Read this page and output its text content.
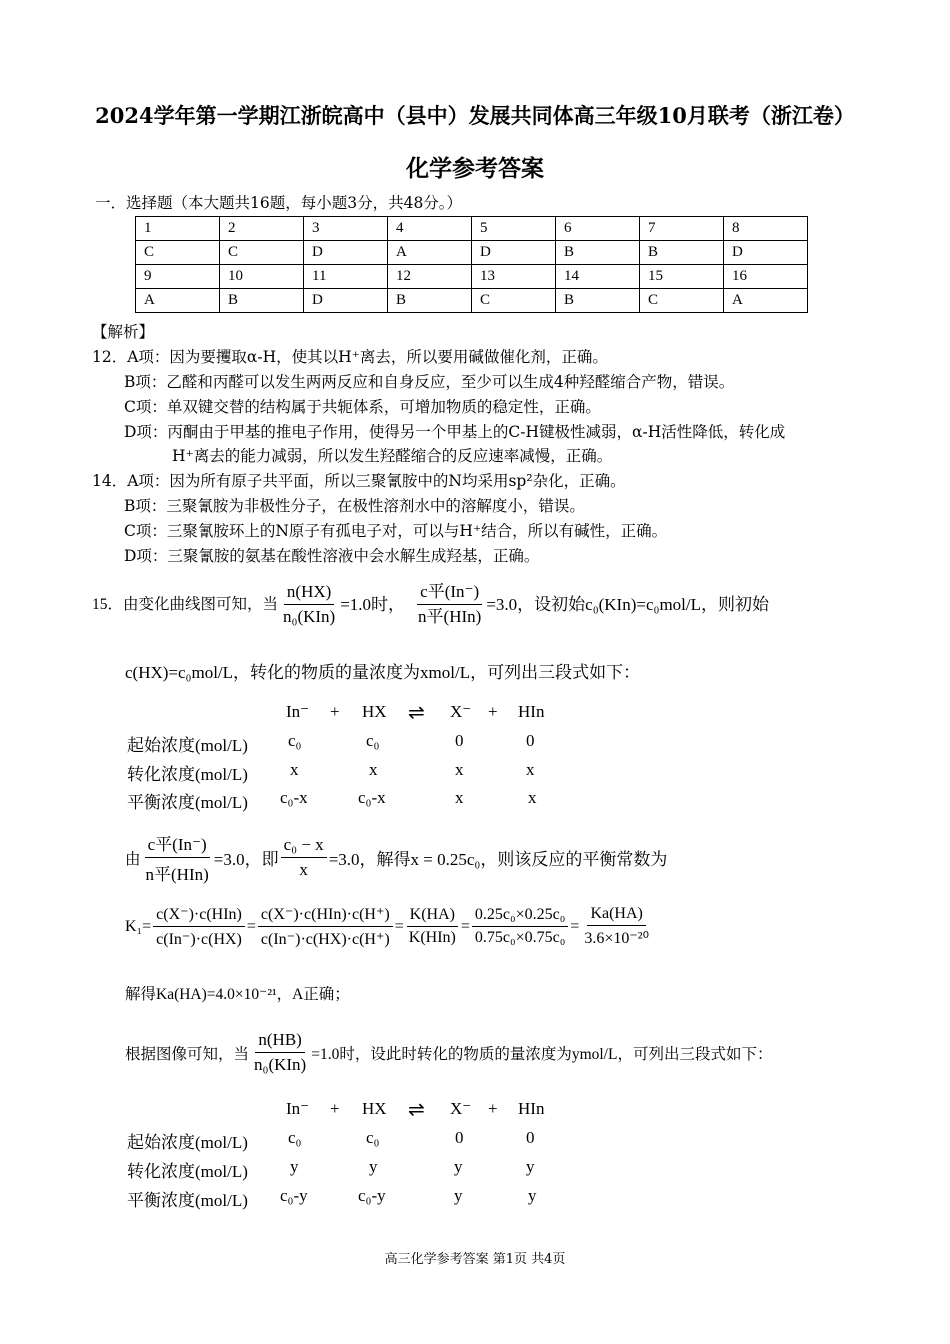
2024学年第一学期江浙皖高中（县中）发展共同体高三年级10月联考（浙江卷）
化学参考答案
一．选择题（本大题共16题，每小题3分，共48分。）
1	2	3	4	5	6	7	8
C	C	D	A	D	B	B	D
9	10	11	12	13	14	15	16
A	B	D	B	C	B	C	A
【解析】
12．A项：因为要攫取α-H，使其以H⁺离去，所以要用碱做催化剂，正确。
B项：乙醛和丙醛可以发生两两反应和自身反应，至少可以生成4种羟醛缩合产物，错误。
C项：单双键交替的结构属于共轭体系，可增加物质的稳定性，正确。
D项：丙酮由于甲基的推电子作用，使得另一个甲基上的C-H键极性减弱，α-H活性降低，转化成
H⁺离去的能力减弱，所以发生羟醛缩合的反应速率减慢，正确。
14．A项：因为所有原子共平面，所以三聚氰胺中的N均采用sp²杂化，正确。
B项：三聚氰胺为非极性分子，在极性溶剂水中的溶解度小，错误。
C项：三聚氰胺环上的N原子有孤电子对，可以与H⁺结合，所以有碱性，正确。
D项：三聚氰胺的氨基在酸性溶液中会水解生成羟基，正确。
15．由变化曲线图可知，当 $\frac{n(HX)}{\text{n₀(KIn)}} =1.0$时， $\frac{\text{c平(In⁻)}}{\text{n平(HIn)}} =3.0$，设初始c₀(KIn)=c₀mol/L，则初始
c(HX)=c₀mol/L，转化的物质的量浓度为xmol/L，可列出三段式如下：
In⁻ + HX ⇌ X⁻ + HIn
起始浓度(mol/L) c₀	c₀	0	0
转化浓度(mol/L) x	x	x	x
平衡浓度(mol/L) c₀-x	c₀-x	x	x
由 $\frac{\text{c平(In⁻)}}{\text{n平(HIn)}} =3.0$，即 $\frac{\text{c₀ − x}}{x} =3.0$，解得x = 0.25c₀，则该反应的平衡常数为
$K_1= \frac{\text{c(X⁻)·c(HIn)}}{c(In^-)\cdot c(HX)} = \frac{\text{c(X⁻)·c(HIn)·c(H⁺)}}{c(In^-)\cdot c(HX)\cdot c(H^+)} = \frac{K(HA)}{\text{K(HIn)}} = \frac{\text{0.25c₀×0.25c₀}}{\text{0.75c₀×0.75c₀}} = \frac{Ka(HA)}{\text{3.6×10⁻²⁰}}$
解得Ka(HA)=4.0×10⁻²¹，A正确；
根据图像可知，当 $\frac{n(HB)}{\text{n₀(KIn)}} =1.0$时，设此时转化的物质的量浓度为ymol/L，可列出三段式如下：
In⁻ + HX ⇌ X⁻ + HIn
起始浓度(mol/L) c₀	c₀	0	0
转化浓度(mol/L) y	y	y	y
平衡浓度(mol/L) c₀-y	c₀-y	y	y
高三化学参考答案 第1页 共4页
